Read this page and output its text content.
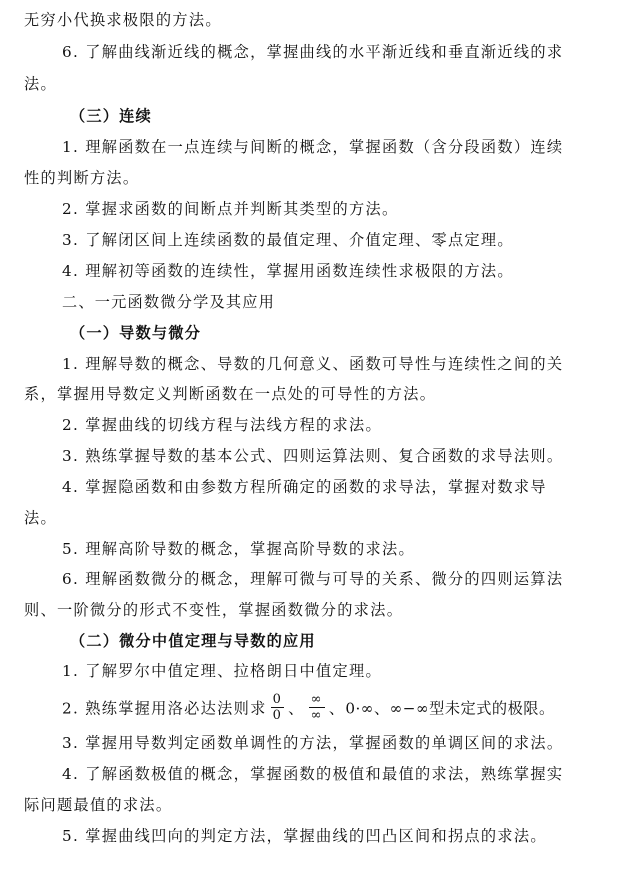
无穷小代换求极限的方法。
6. 了解曲线渐近线的概念，掌握曲线的水平渐近线和垂直渐近线的求
法。
（三）连续
1. 理解函数在一点连续与间断的概念，掌握函数（含分段函数）连续
性的判断方法。
2. 掌握求函数的间断点并判断其类型的方法。
3. 了解闭区间上连续函数的最值定理、介值定理、零点定理。
4. 理解初等函数的连续性，掌握用函数连续性求极限的方法。
二、一元函数微分学及其应用
（一）导数与微分
1. 理解导数的概念、导数的几何意义、函数可导性与连续性之间的关
系，掌握用导数定义判断函数在一点处的可导性的方法。
2. 掌握曲线的切线方程与法线方程的求法。
3. 熟练掌握导数的基本公式、四则运算法则、复合函数的求导法则。
4. 掌握隐函数和由参数方程所确定的函数的求导法，掌握对数求导
法。
5. 理解高阶导数的概念，掌握高阶导数的求法。
6. 理解函数微分的概念，理解可微与可导的关系、微分的四则运算法
则、一阶微分的形式不变性，掌握函数微分的求法。
（二）微分中值定理与导数的应用
1. 了解罗尔中值定理、拉格朗日中值定理。
2. 熟练掌握用洛必达法则求 $\frac{0}{0}$ 、 $\frac{\infty}{\infty}$ 、0·∞、∞−∞型未定式的极限。
3. 掌握用导数判定函数单调性的方法，掌握函数的单调区间的求法。
4. 了解函数极值的概念，掌握函数的极值和最值的求法，熟练掌握实
际问题最值的求法。
5. 掌握曲线凹向的判定方法，掌握曲线的凹凸区间和拐点的求法。
